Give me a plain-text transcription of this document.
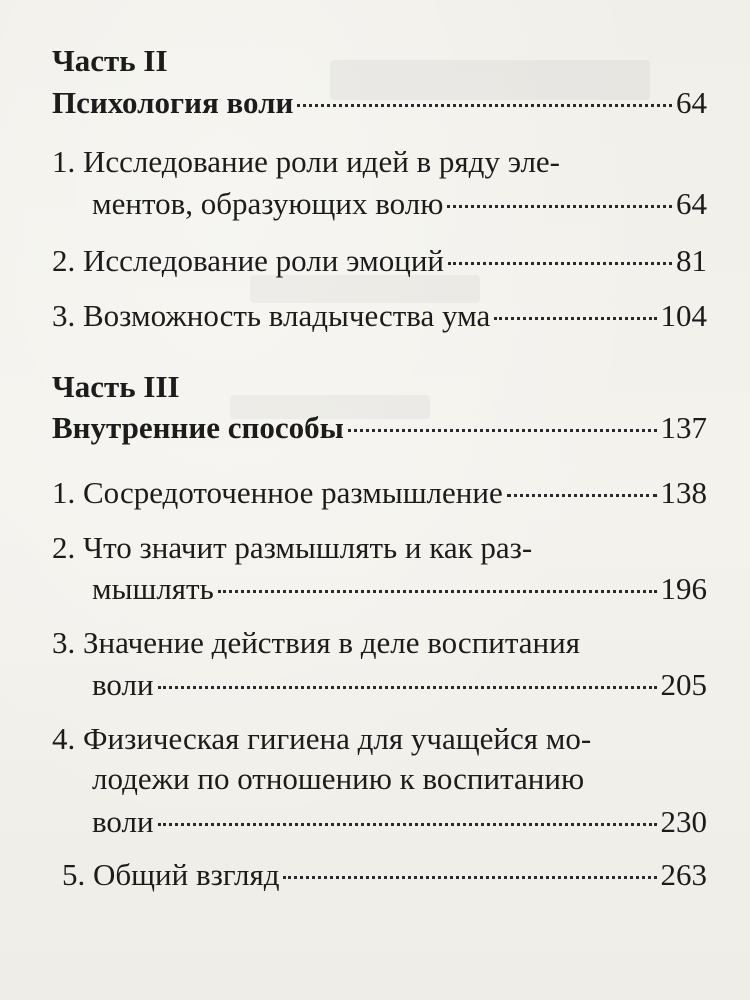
Часть II
Психология воли	64
1. Исследование роли идей в ряду эле-
ментов, образующих волю	64
2. Исследование роли эмоций	81
3. Возможность владычества ума	104
Часть III
Внутренние способы	137
1. Сосредоточенное размышление	138
2. Что значит размышлять и как раз-
мышлять	196
3. Значение действия в деле воспитания
воли	205
4. Физическая гигиена для учащейся мо-
лодежи по отношению к воспитанию
воли	230
5. Общий взгляд	263
